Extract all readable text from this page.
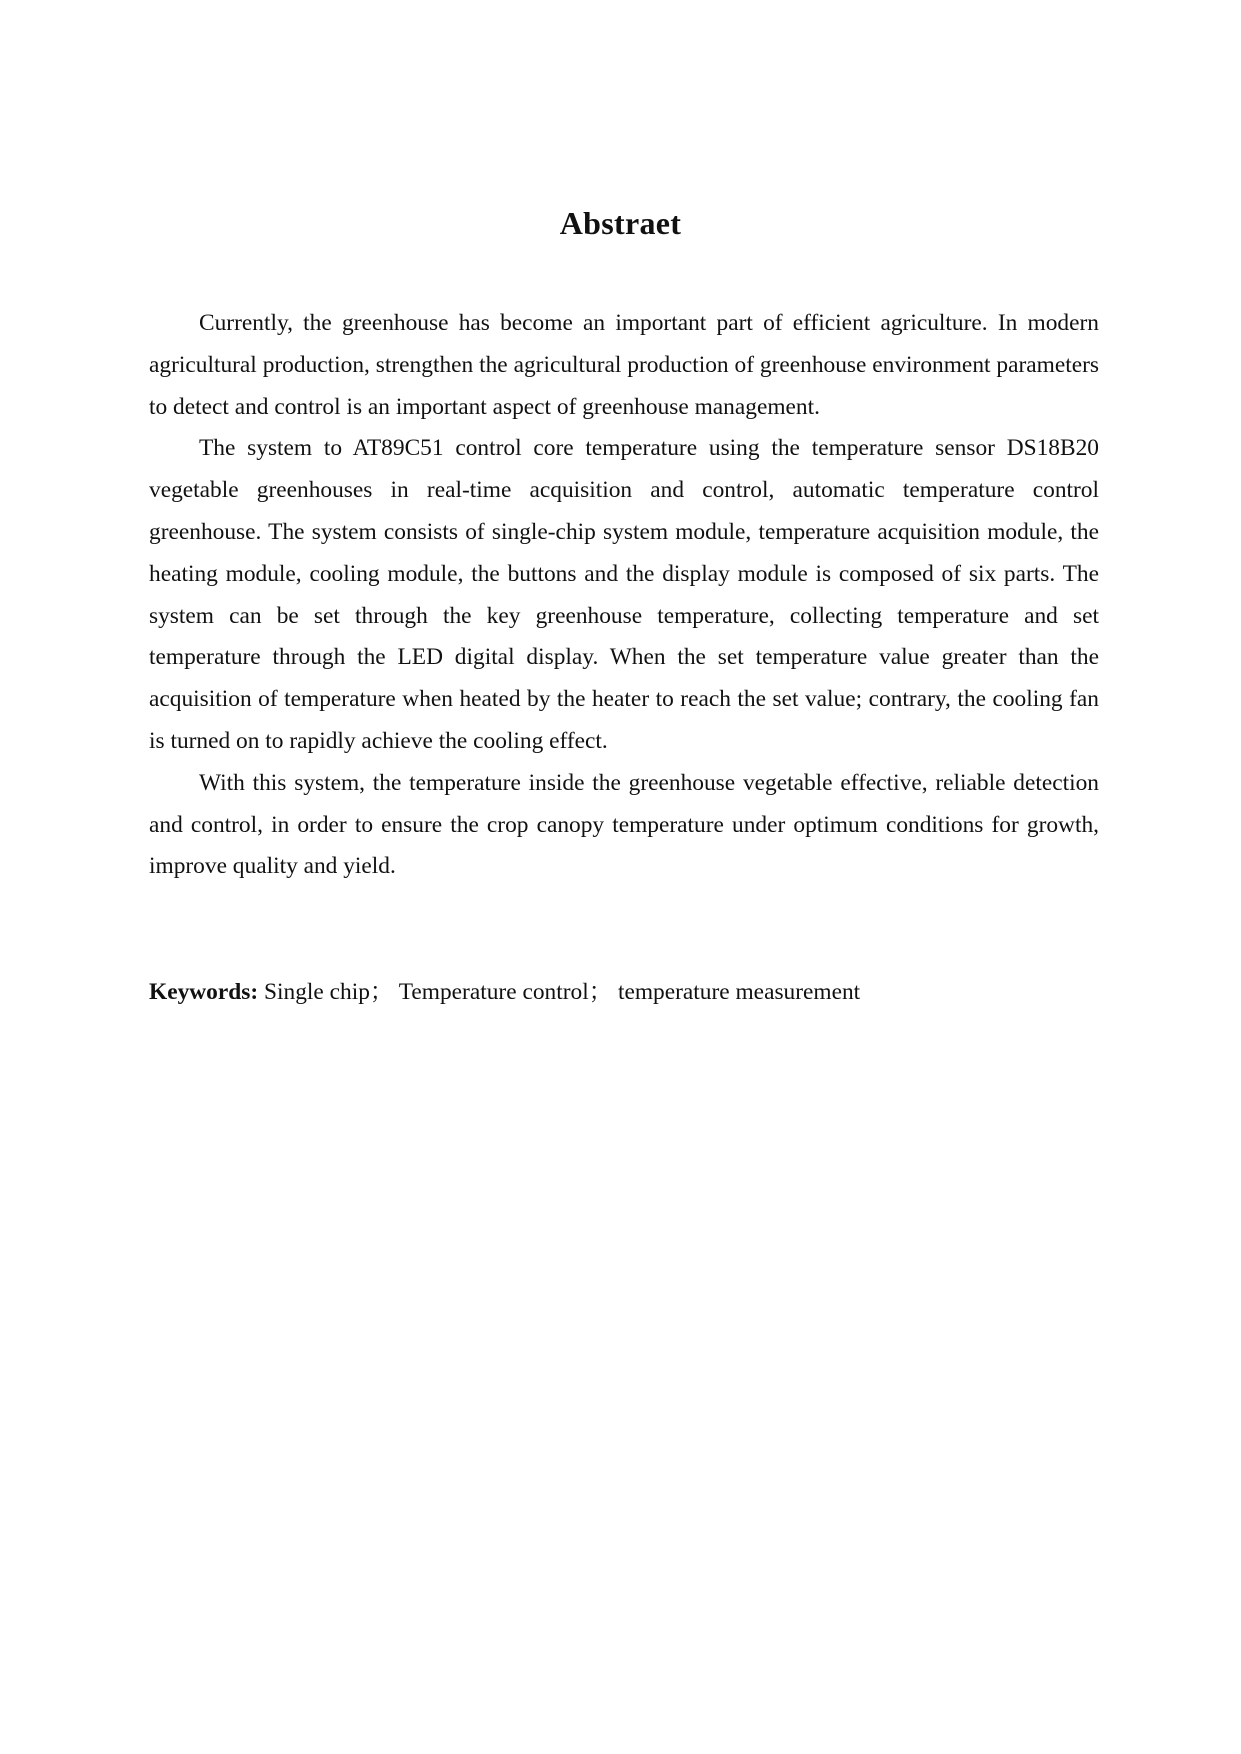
Abstraet

Currently, the greenhouse has become an important part of efficient agriculture. In modern agricultural production, strengthen the agricultural production of greenhouse environment parameters to detect and control is an important aspect of greenhouse management.

The system to AT89C51 control core temperature using the temperature sensor DS18B20 vegetable greenhouses in real-time acquisition and control, automatic temperature control greenhouse. The system consists of single-chip system module, temperature acquisition module, the heating module, cooling module, the buttons and the display module is composed of six parts. The system can be set through the key greenhouse temperature, collecting temperature and set temperature through the LED digital display. When the set temperature value greater than the acquisition of temperature when heated by the heater to reach the set value; contrary, the cooling fan is turned on to rapidly achieve the cooling effect.

With this system, the temperature inside the greenhouse vegetable effective, reliable detection and control, in order to ensure the crop canopy temperature under optimum conditions for growth, improve quality and yield.

Keywords: Single chip； Temperature control； temperature measurement
